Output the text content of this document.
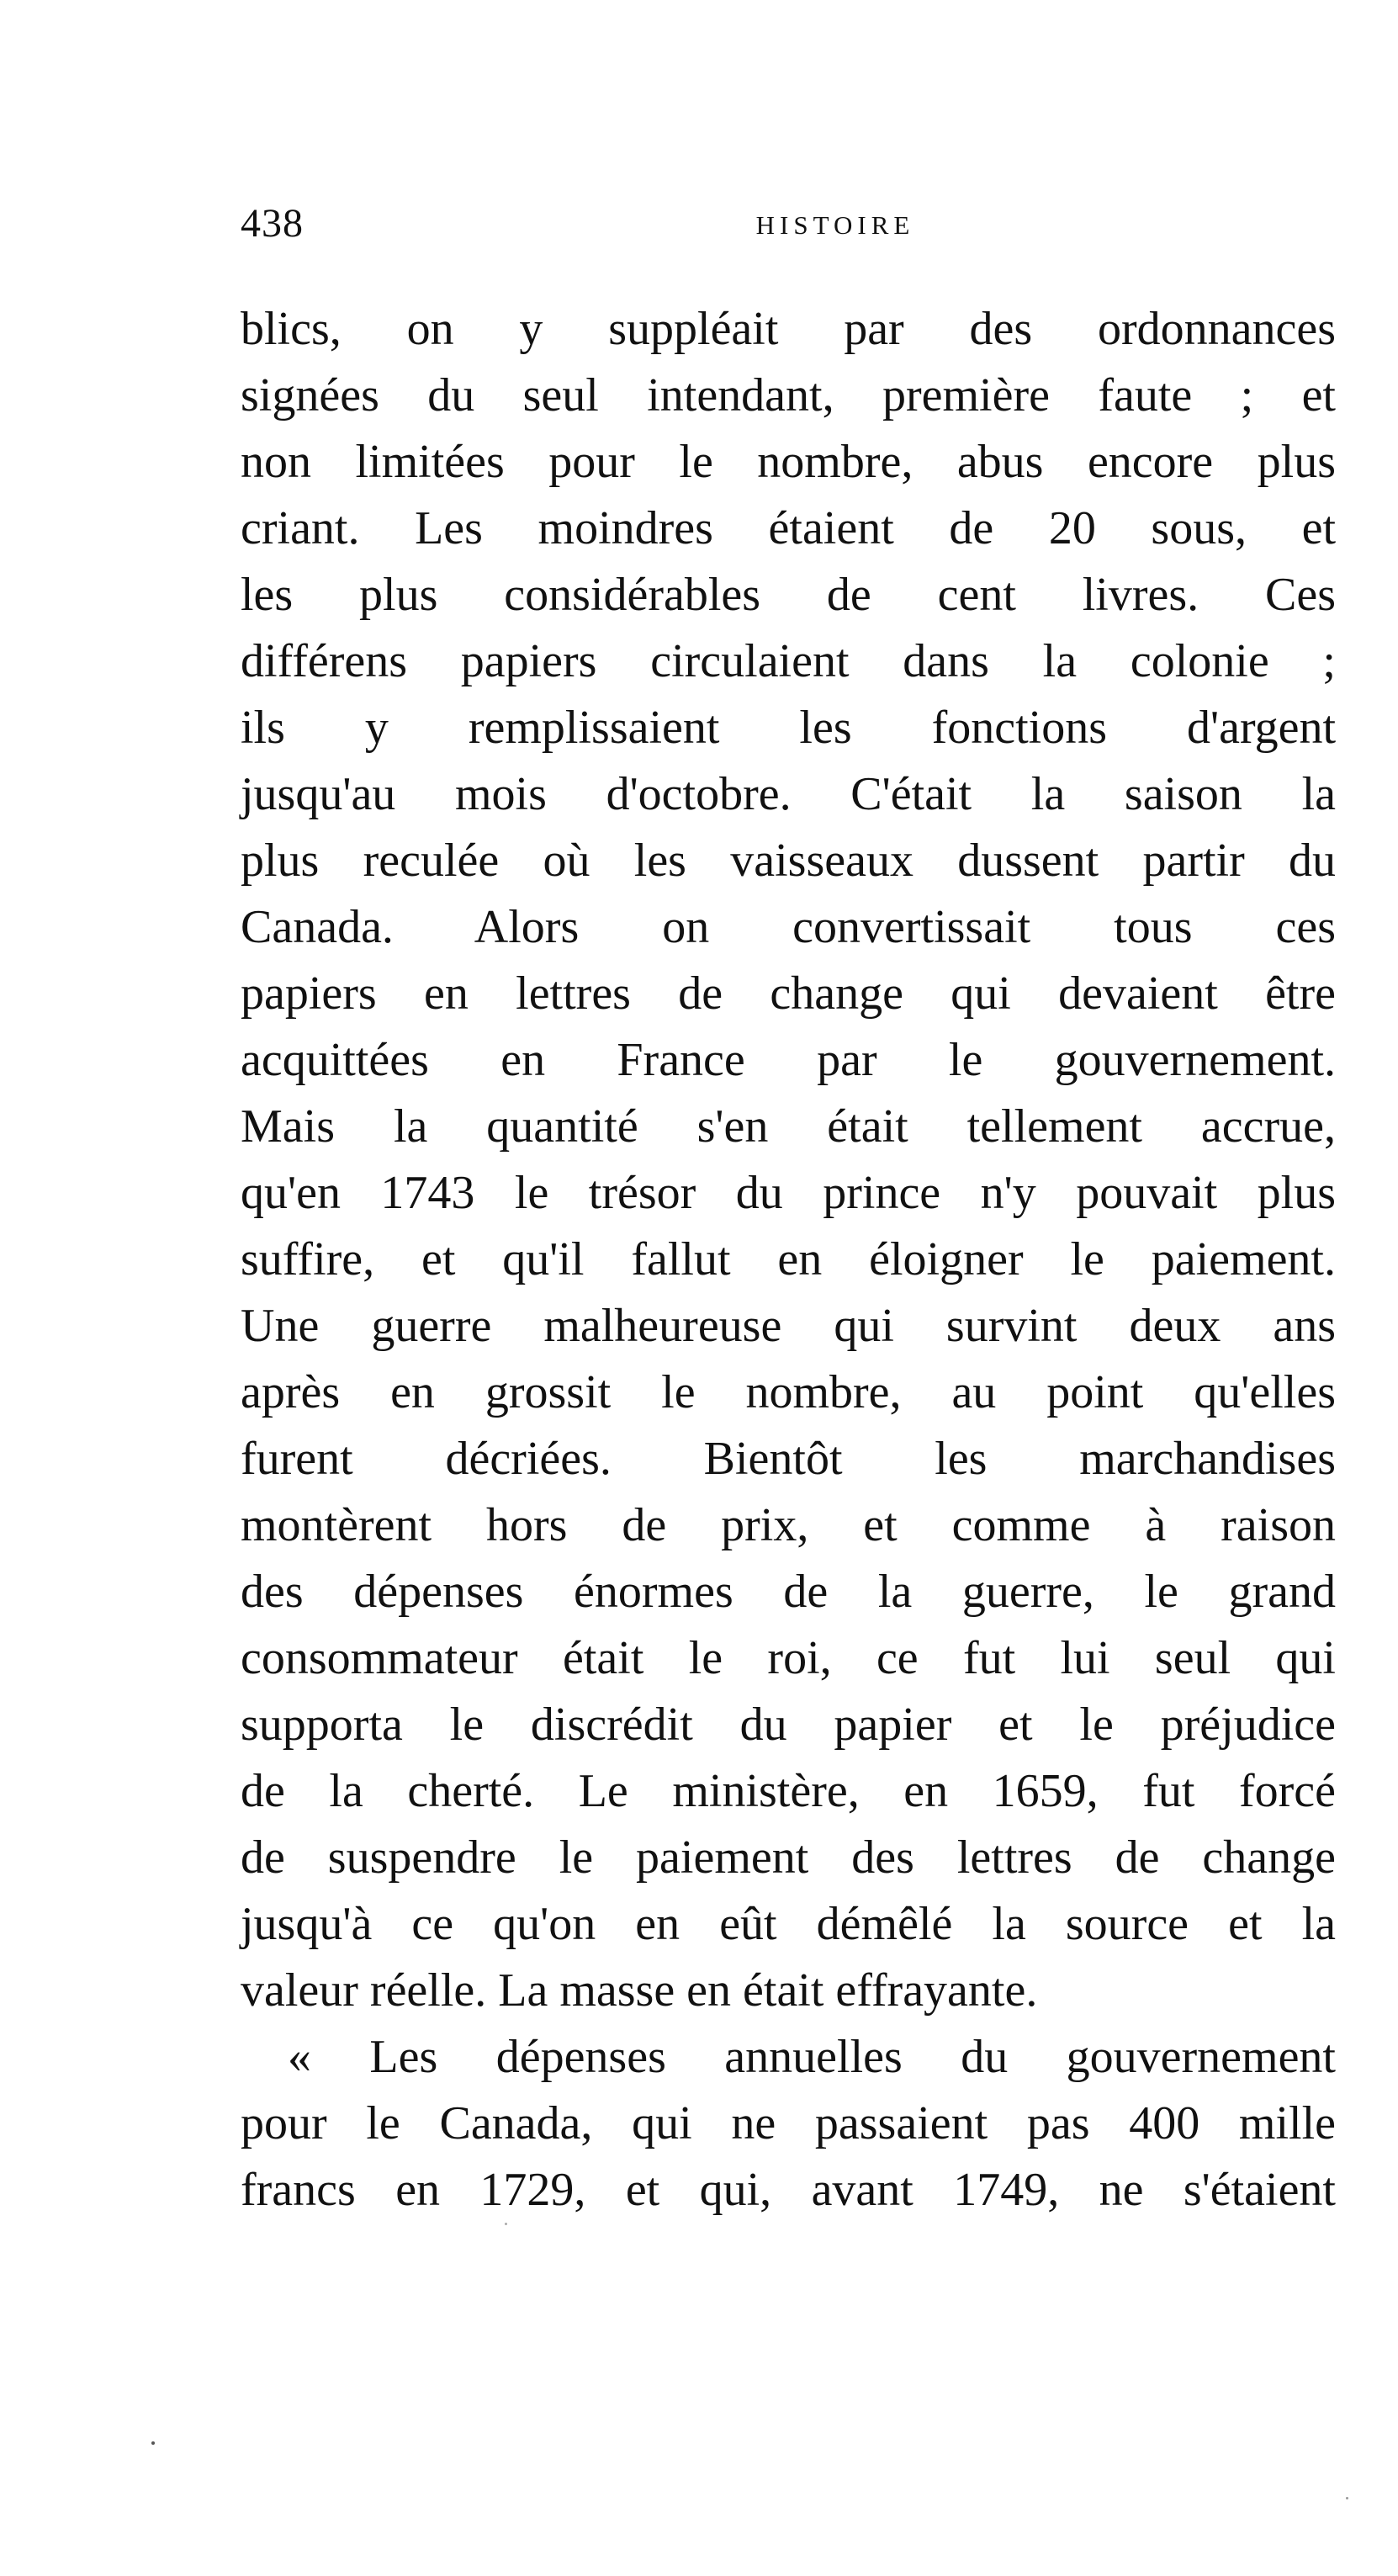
438	HISTOIRE
blics, on y suppléait par des ordonnances
signées du seul intendant, première faute ; et
non limitées pour le nombre, abus encore plus
criant. Les moindres étaient de 20 sous, et
les plus considérables de cent livres. Ces
différens papiers circulaient dans la colonie ;
ils y remplissaient les fonctions d'argent
jusqu'au mois d'octobre. C'était la saison la
plus reculée où les vaisseaux dussent partir du
Canada. Alors on convertissait tous ces
papiers en lettres de change qui devaient être
acquittées en France par le gouvernement.
Mais la quantité s'en était tellement accrue,
qu'en 1743 le trésor du prince n'y pouvait plus
suffire, et qu'il fallut en éloigner le paiement.
Une guerre malheureuse qui survint deux ans
après en grossit le nombre, au point qu'elles
furent décriées. Bientôt les marchandises
montèrent hors de prix, et comme à raison
des dépenses énormes de la guerre, le grand
consommateur était le roi, ce fut lui seul qui
supporta le discrédit du papier et le préjudice
de la cherté. Le ministère, en 1659, fut forcé
de suspendre le paiement des lettres de change
jusqu'à ce qu'on en eût démêlé la source et la
valeur réelle. La masse en était effrayante.
« Les dépenses annuelles du gouvernement
pour le Canada, qui ne passaient pas 400 mille
francs en 1729, et qui, avant 1749, ne s'étaient
